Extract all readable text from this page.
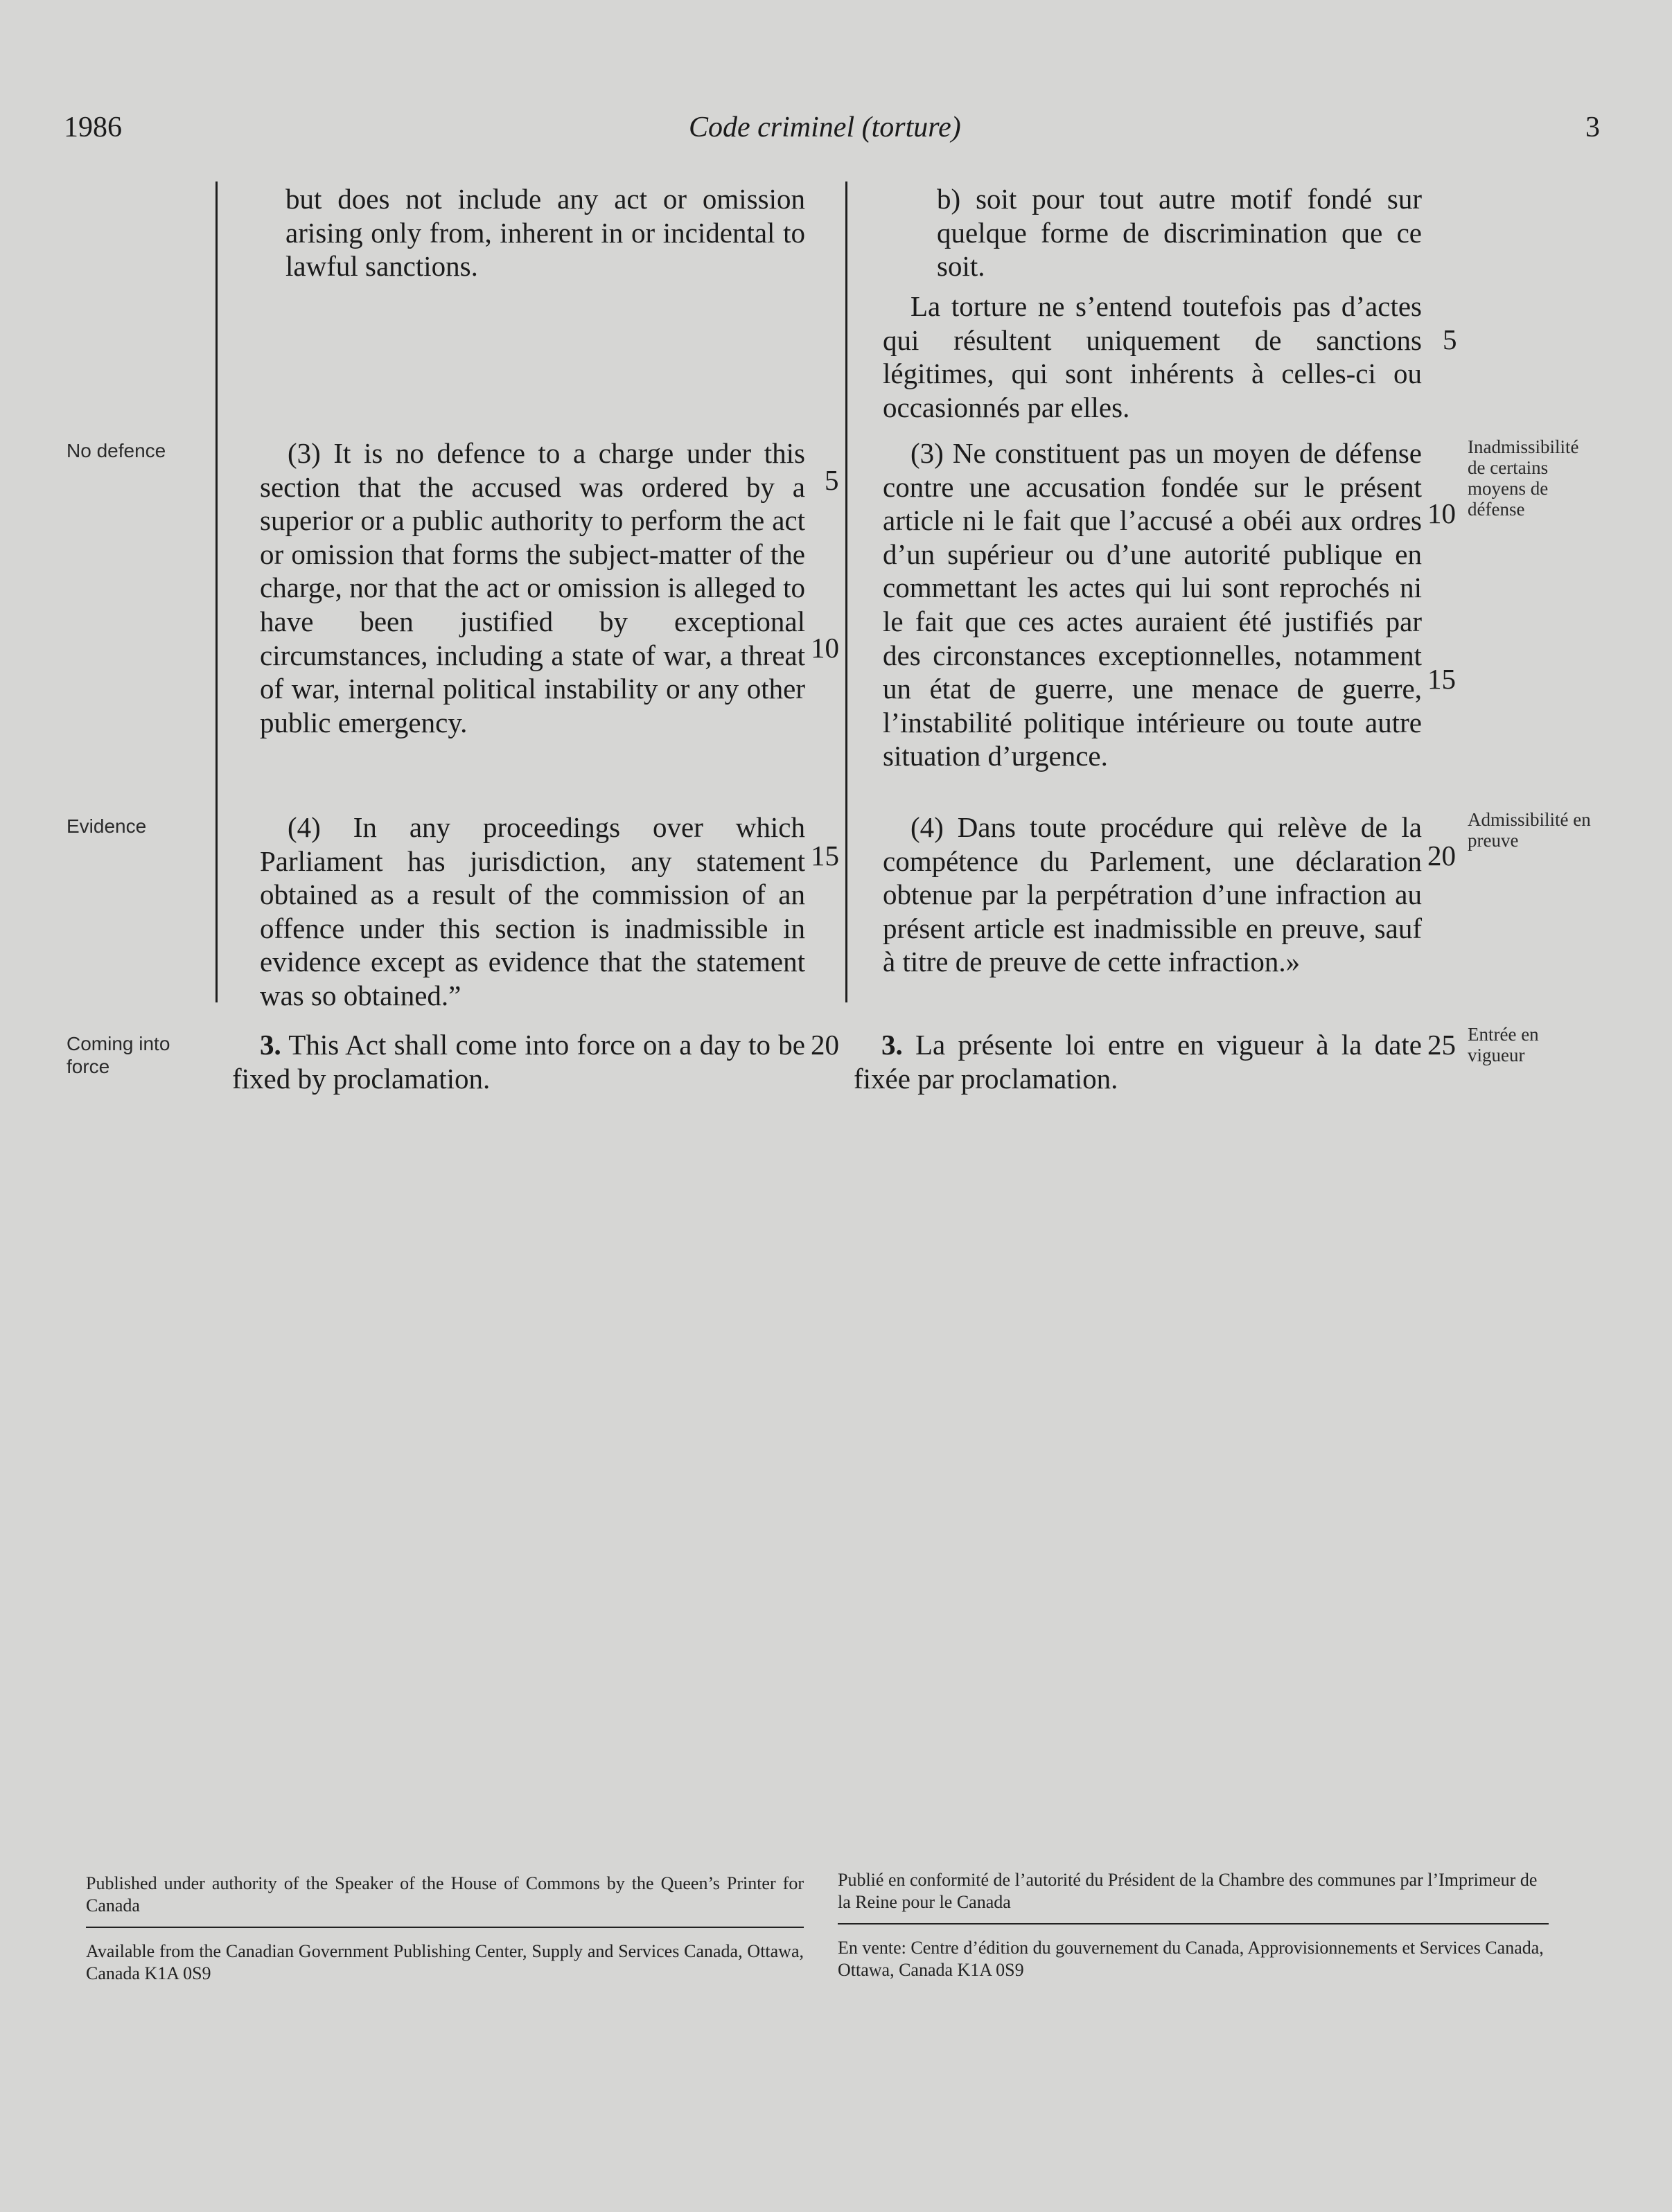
1986	Code criminel (torture)	3
No defence
Evidence
Coming into force

but does not include any act or omission arising only from, inherent in or incidental to lawful sanctions.

(3) It is no defence to a charge under this section that the accused was ordered by a superior or a public authority to perform the act or omission that forms the subject-matter of the charge, nor that the act or omission is alleged to have been justified by exceptional circumstances, including a state of war, a threat of war, internal political instability or any other public emergency.

(4) In any proceedings over which Parliament has jurisdiction, any statement obtained as a result of the commission of an offence under this section is inadmissible in evidence except as evidence that the statement was so obtained.”

3. This Act shall come into force on a day to be fixed by proclamation.

5
10
15
20

b) soit pour tout autre motif fondé sur quelque forme de discrimination que ce soit.

La torture ne s’entend toutefois pas d’actes qui résultent uniquement de sanctions légitimes, qui sont inhérents à celles-ci ou occasionnés par elles.

(3) Ne constituent pas un moyen de défense contre une accusation fondée sur le présent article ni le fait que l’accusé a obéi aux ordres d’un supérieur ou d’une autorité publique en commettant les actes qui lui sont reprochés ni le fait que ces actes auraient été justifiés par des circonstances exceptionnelles, notamment un état de guerre, une menace de guerre, l’instabilité politique intérieure ou toute autre situation d’urgence.

(4) Dans toute procédure qui relève de la compétence du Parlement, une déclaration obtenue par la perpétration d’une infraction au présent article est inadmissible en preuve, sauf à titre de preuve de cette infraction.»

3. La présente loi entre en vigueur à la date fixée par proclamation.

5
10
15
20
25
Inadmissibilité de certains moyens de défense
Admissibilité en preuve
Entrée en vigueur

Published under authority of the Speaker of the House of Commons by the Queen’s Printer for Canada

Available from the Canadian Government Publishing Center, Supply and Services Canada, Ottawa, Canada K1A 0S9

Publié en conformité de l’autorité du Président de la Chambre des communes par l’Imprimeur de la Reine pour le Canada

En vente: Centre d’édition du gouvernement du Canada, Approvisionnements et Services Canada, Ottawa, Canada K1A 0S9
